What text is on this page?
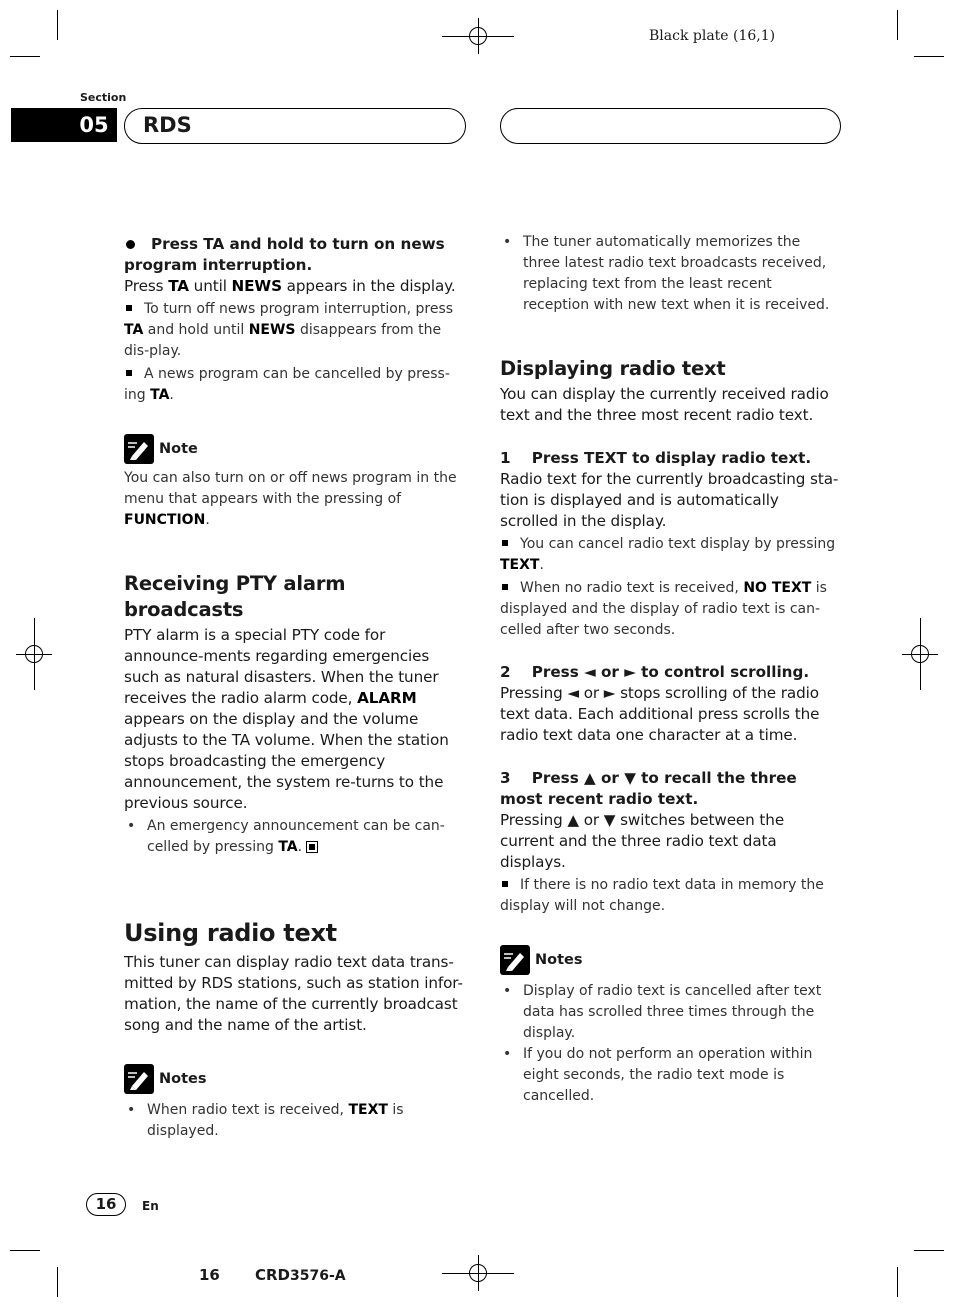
Black plate (16,1)
Section
05 RDS
Press TA and hold to turn on news program interruption.

Press TA until NEWS appears in the display.

To turn off news program interruption, press TA and hold until NEWS disappears from the dis-play.
A news program can be cancelled by press-ing TA.
Note
You can also turn on or off news program in the menu that appears with the pressing of FUNCTION.
Receiving PTY alarm broadcasts

PTY alarm is a special PTY code for announce-ments regarding emergencies such as natural disasters. When the tuner receives the radio alarm code, ALARM appears on the display and the volume adjusts to the TA volume. When the station stops broadcasting the emergency announcement, the system re-turns to the previous source.

• An emergency announcement can be can-celled by pressing TA.
Using radio text

This tuner can display radio text data trans-mitted by RDS stations, such as station infor-mation, the name of the currently broadcast song and the name of the artist.

Notes
• When radio text is received, TEXT is displayed.
• The tuner automatically memorizes the three latest radio text broadcasts received, replacing text from the least recent reception with new text when it is received.
Displaying radio text

You can display the currently received radio text and the three most recent radio text.

1 Press TEXT to display radio text.

Radio text for the currently broadcasting sta-tion is displayed and is automatically scrolled in the display.

You can cancel radio text display by pressing TEXT.
When no radio text is received, NO TEXT is displayed and the display of radio text is can-celled after two seconds.
2 Press ◄ or ► to control scrolling.

Pressing ◄ or ► stops scrolling of the radio text data. Each additional press scrolls the radio text data one character at a time.

3 Press ▲ or ▼ to recall the three most recent radio text.

Pressing ▲ or ▼ switches between the current and the three radio text data displays.

If there is no radio text data in memory the display will not change.
Notes
• Display of radio text is cancelled after text data has scrolled three times through the display.
• If you do not perform an operation within eight seconds, the radio text mode is cancelled.
16	En
16 CRD3576-A
